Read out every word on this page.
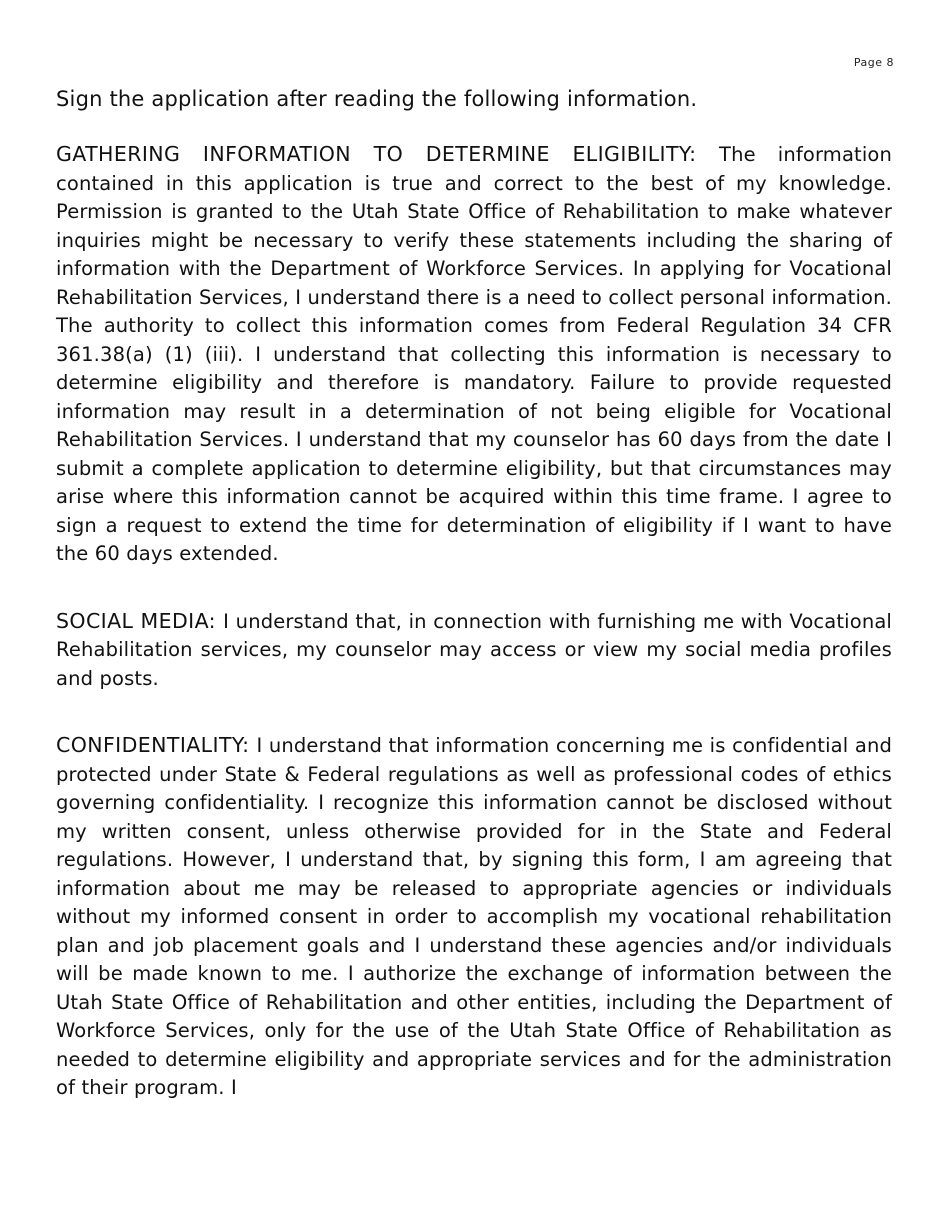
Page 8

Sign the application after reading the following information.

GATHERING INFORMATION TO DETERMINE ELIGIBILITY: The information contained in this application is true and correct to the best of my knowledge. Permission is granted to the Utah State Office of Rehabilitation to make whatever inquiries might be necessary to verify these statements including the sharing of information with the Department of Workforce Services. In applying for Vocational Rehabilitation Services, I understand there is a need to collect personal information. The authority to collect this information comes from Federal Regulation 34 CFR 361.38(a) (1) (iii). I understand that collecting this information is necessary to determine eligibility and therefore is mandatory. Failure to provide requested information may result in a determination of not being eligible for Vocational Rehabilitation Services. I understand that my counselor has 60 days from the date I submit a complete application to determine eligibility, but that circumstances may arise where this information cannot be acquired within this time frame. I agree to sign a request to extend the time for determination of eligibility if I want to have the 60 days extended.

SOCIAL MEDIA: I understand that, in connection with furnishing me with Vocational Rehabilitation services, my counselor may access or view my social media profiles and posts.

CONFIDENTIALITY: I understand that information concerning me is confidential and protected under State & Federal regulations as well as professional codes of ethics governing confidentiality. I recognize this information cannot be disclosed without my written consent, unless otherwise provided for in the State and Federal regulations. However, I understand that, by signing this form, I am agreeing that information about me may be released to appropriate agencies or individuals without my informed consent in order to accomplish my vocational rehabilitation plan and job placement goals and I understand these agencies and/or individuals will be made known to me. I authorize the exchange of information between the Utah State Office of Rehabilitation and other entities, including the Department of Workforce Services, only for the use of the Utah State Office of Rehabilitation as needed to determine eligibility and appropriate services and for the administration of their program. I
